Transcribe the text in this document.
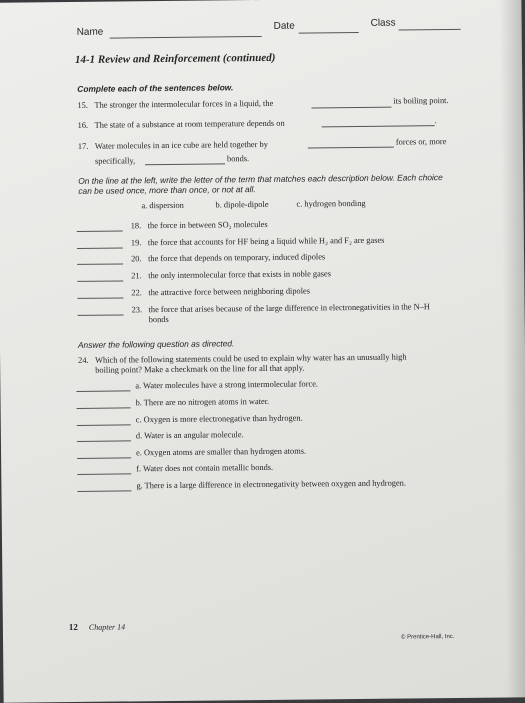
Name
Date	Class
14-1 Review and Reinforcement (continued)
Complete each of the sentences below.
15. The stronger the intermolecular forces in a liquid, the	its boiling point.
16. The state of a substance at room temperature depends on	.
17. Water molecules in an ice cube are held together by	forces or, more
specifically,	bonds.
On the line at the left, write the letter of the term that matches each description below. Each choice
can be used once, more than once, or not at all.
a. dispersion	b. dipole-dipole	c. hydrogen bonding
18. the force in between SO₂ molecules
19. the force that accounts for HF being a liquid while H₂ and F₂ are gases
20. the force that depends on temporary, induced dipoles
21. the only intermolecular force that exists in noble gases
22. the attractive force between neighboring dipoles
23. the force that arises because of the large difference in electronegativities in the N–H
bonds
Answer the following question as directed.
24. Which of the following statements could be used to explain why water has an unusually high
boiling point? Make a checkmark on the line for all that apply.
a. Water molecules have a strong intermolecular force.
b. There are no nitrogen atoms in water.
c. Oxygen is more electronegative than hydrogen.
d. Water is an angular molecule.
e. Oxygen atoms are smaller than hydrogen atoms.
f. Water does not contain metallic bonds.
g. There is a large difference in electronegativity between oxygen and hydrogen.
12 Chapter 14
© Prentice-Hall, Inc.
